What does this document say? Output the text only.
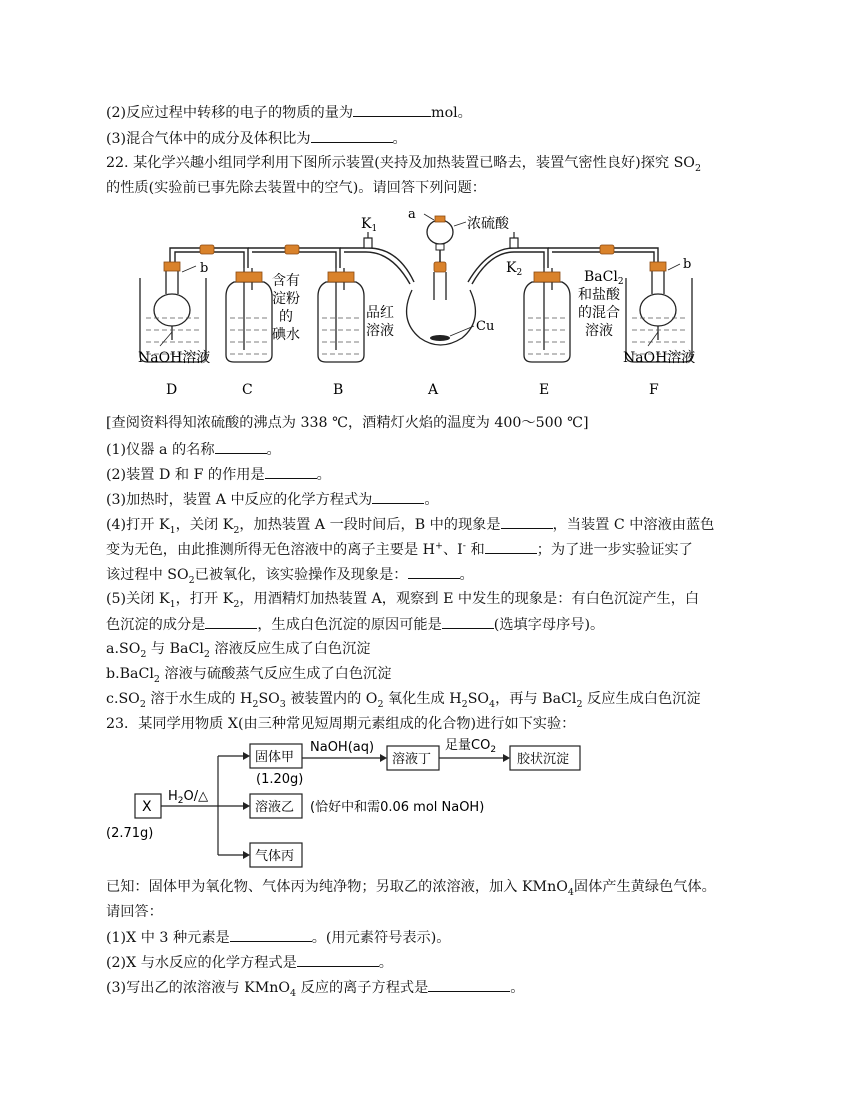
(2)反应过程中转移的电子的物质的量为	mol。
(3)混合气体中的成分及体积比为	。
22. 某化学兴趣小组同学利用下图所示装置(夹持及加热装置已略去，装置气密性良好)探究 $SO_2$
的性质(实验前已事先除去装置中的空气)。请回答下列问题：
b
NaOH溶液
含有
淀粉
的
碘水
品红
溶液
a
浓硫酸
Cu
$K_1$
$K_2$	BaCl$_2$
和盐酸
的混合
溶液
b
NaOH溶液
D	C	B	A	E	F
[查阅资料得知浓硫酸的沸点为 338 ℃，酒精灯火焰的温度为 400～500 ℃]
(1)仪器 a 的名称	。
(2)装置 D 和 F 的作用是	。
(3)加热时，装置 A 中反应的化学方程式为	。
(4)打开 $K_1$，关闭 $K_2$，加热装置 A 一段时间后，B 中的现象是	，当装置 C 中溶液由蓝色
变为无色，由此推测所得无色溶液中的离子主要是 H+、I- 和	；为了进一步实验证实了
该过程中 $SO_2$已被氧化，该实验操作及现象是：	。
(5)关闭 $K_1$，打开 $K_2$，用酒精灯加热装置 A，观察到 E 中发生的现象是：有白色沉淀产生，白
色沉淀的成分是	，生成白色沉淀的原因可能是	(选填字母序号)。
$a.SO_2$ 与 BaCl$_2$ 溶液反应生成了白色沉淀
b.BaCl$_2$ 溶液与硫酸蒸气反应生成了白色沉淀
$c.SO_2$ 溶于水生成的 $H_2SO_3$ 被装置内的 $O_2$ 氧化生成 $H_2SO_4$，再与 BaCl$_2$ 反应生成白色沉淀
23．某同学用物质 X(由三种常见短周期元素组成的化合物)进行如下实验：
X
(2.71g)
$H_2O/\triangle$
固体甲
(1.20g)
NaOH(aq)
溶液丁
足量$CO_2$
胶状沉淀
溶液乙 (恰好中和需0.06 mol NaOH)
气体丙
已知：固体甲为氧化物、气体丙为纯净物；另取乙的浓溶液，加入 KMnO$_4$固体产生黄绿色气体。
请回答：
(1)X 中 3 种元素是	。(用元素符号表示)。
(2)X 与水反应的化学方程式是	。
(3)写出乙的浓溶液与 KMnO$_4$ 反应的离子方程式是	。
